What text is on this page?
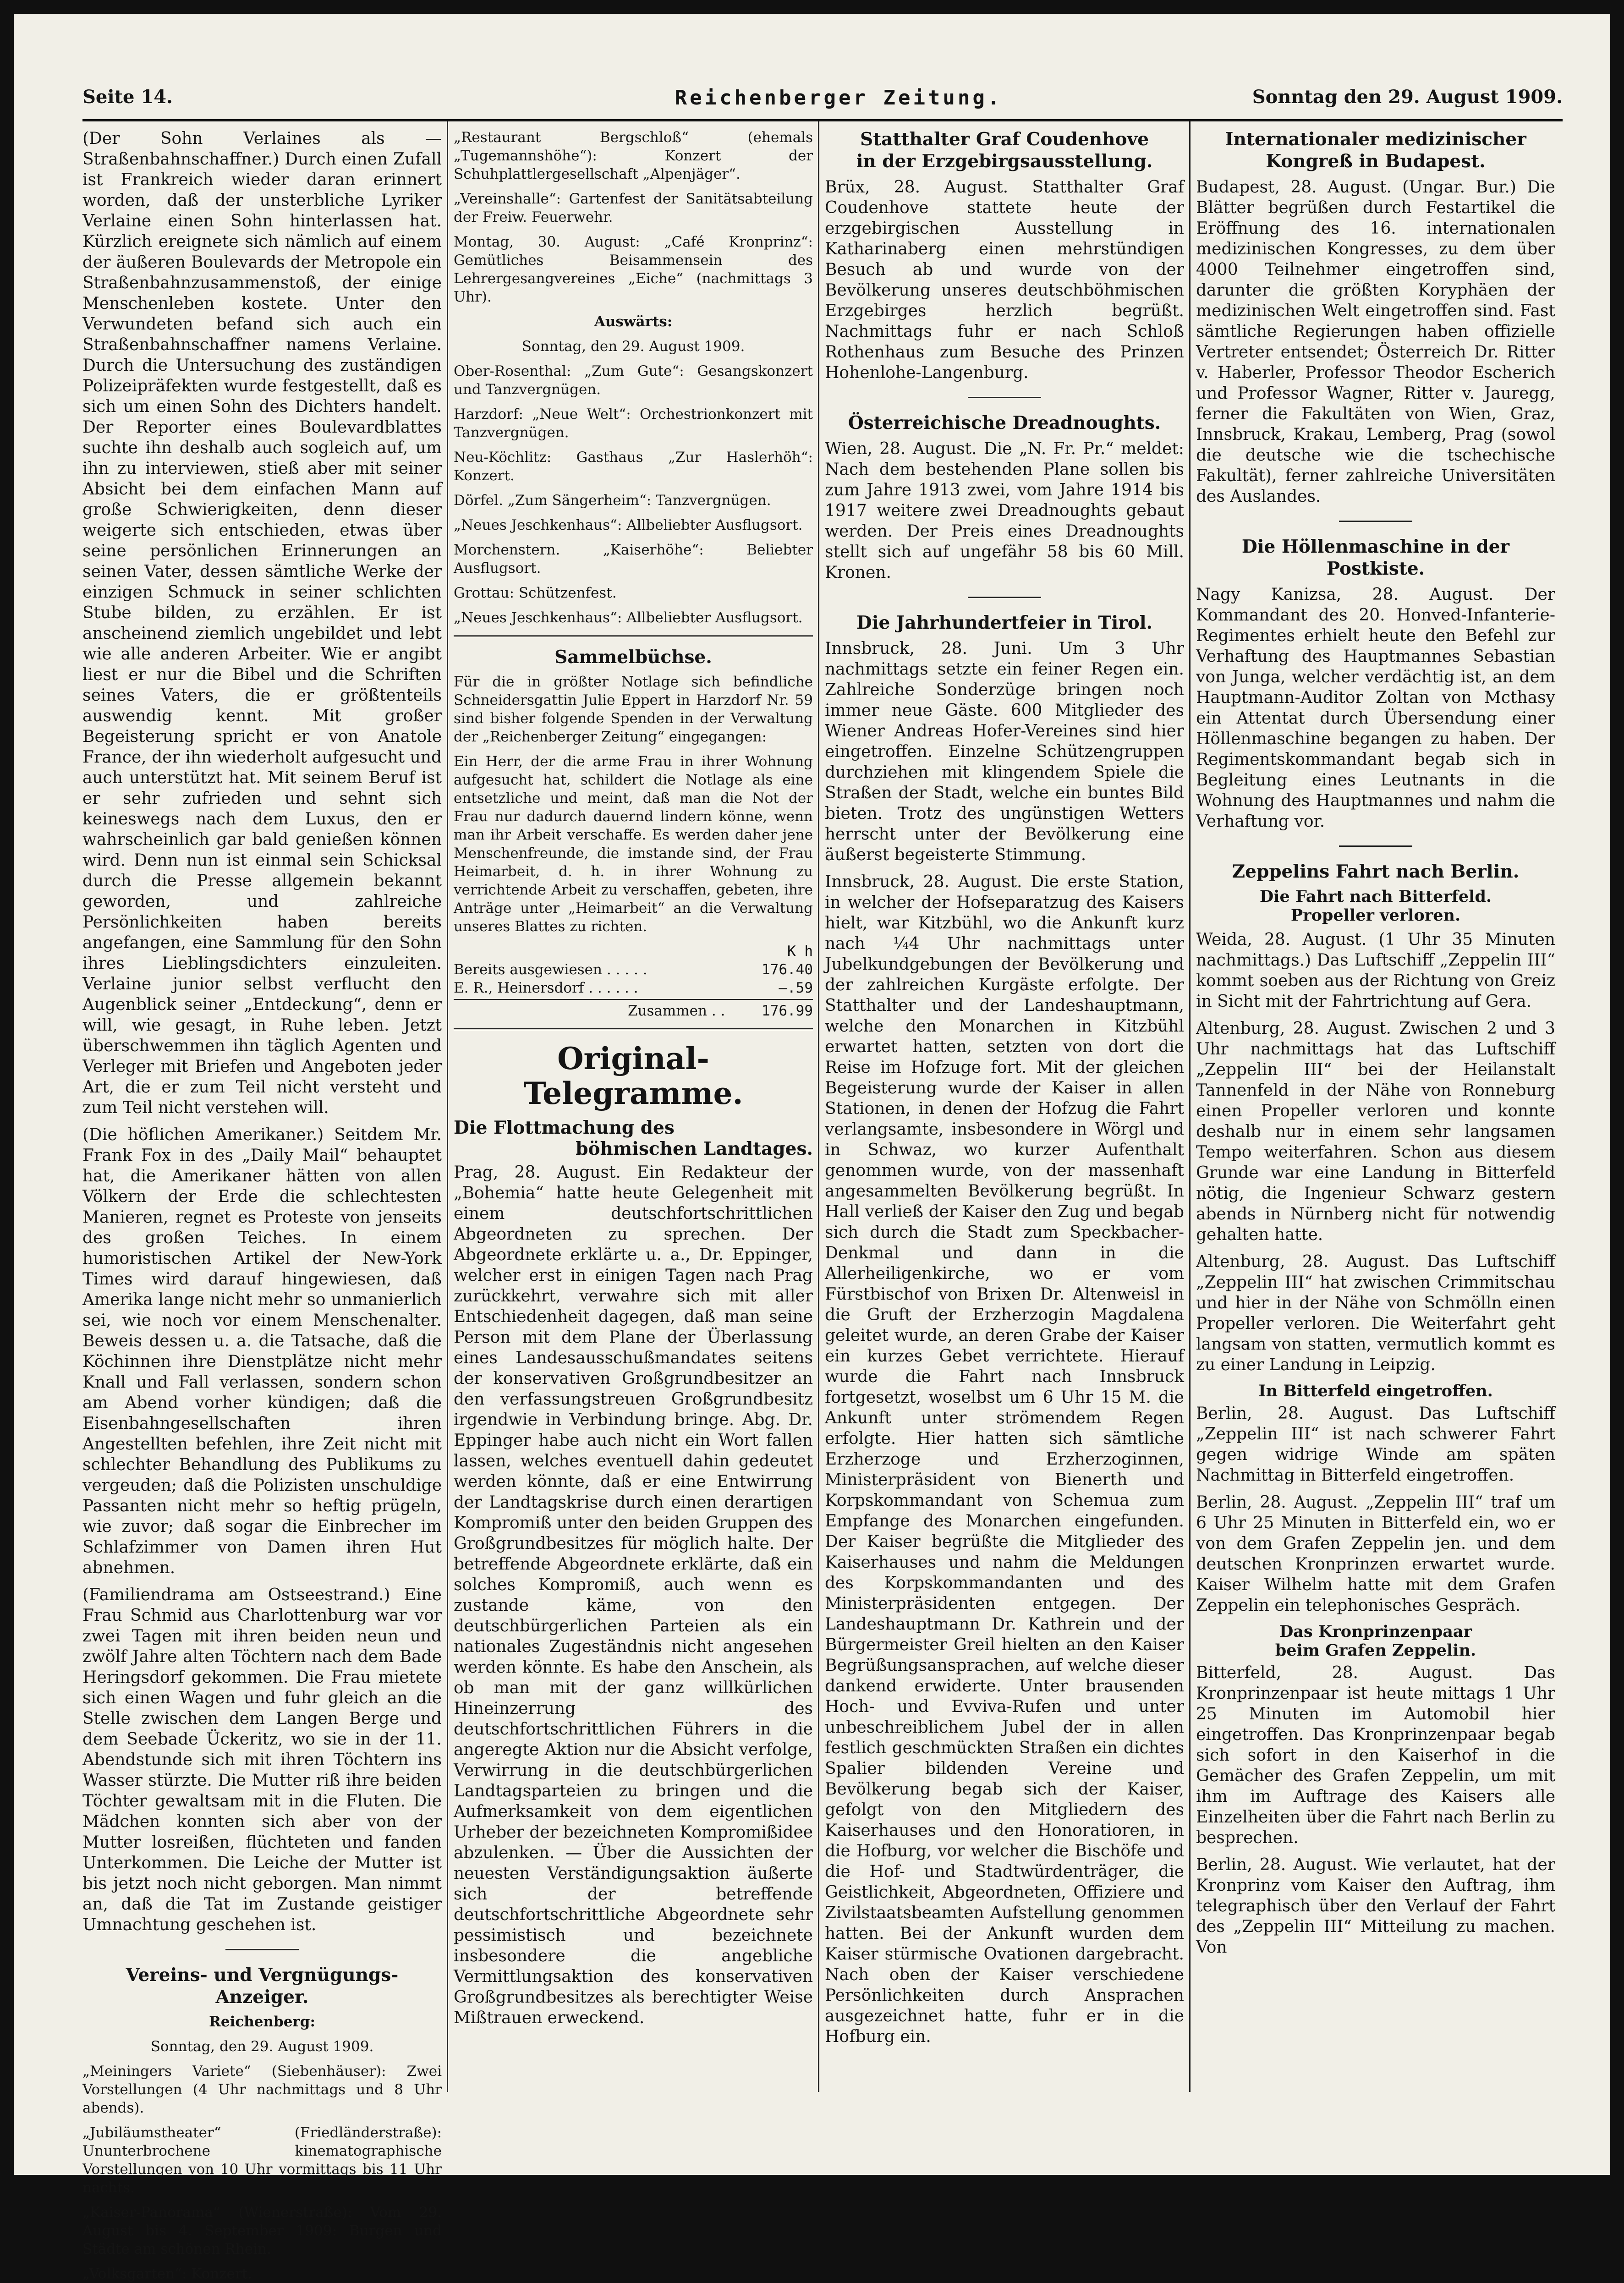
Seite 14.	Reichenberger Zeitung.	Sonntag den 29. August 1909.

(Der Sohn Verlaines als — Straßenbahnschaffner.) Durch einen Zufall ist Frankreich wieder daran erinnert worden, daß der unsterbliche Lyriker Verlaine einen Sohn hinterlassen hat. Kürzlich ereignete sich nämlich auf einem der äußeren Boulevards der Metropole ein Straßenbahnzusammenstoß, der einige Menschenleben kostete. Unter den Verwundeten befand sich auch ein Straßenbahnschaffner namens Verlaine. Durch die Untersuchung des zuständigen Polizeipräfekten wurde festgestellt, daß es sich um einen Sohn des Dichters handelt. Der Reporter eines Boulevardblattes suchte ihn deshalb auch sogleich auf, um ihn zu interviewen, stieß aber mit seiner Absicht bei dem einfachen Mann auf große Schwierigkeiten, denn dieser weigerte sich entschieden, etwas über seine persönlichen Erinnerungen an seinen Vater, dessen sämtliche Werke der einzigen Schmuck in seiner schlichten Stube bilden, zu erzählen. Er ist anscheinend ziemlich ungebildet und lebt wie alle anderen Arbeiter. Wie er angibt liest er nur die Bibel und die Schriften seines Vaters, die er größtenteils auswendig kennt. Mit großer Begeisterung spricht er von Anatole France, der ihn wiederholt aufgesucht und auch unterstützt hat. Mit seinem Beruf ist er sehr zufrieden und sehnt sich keineswegs nach dem Luxus, den er wahrscheinlich gar bald genießen können wird. Denn nun ist einmal sein Schicksal durch die Presse allgemein bekannt geworden, und zahlreiche Persönlichkeiten haben bereits angefangen, eine Sammlung für den Sohn ihres Lieblingsdichters einzuleiten. Verlaine junior selbst verflucht den Augenblick seiner „Entdeckung“, denn er will, wie gesagt, in Ruhe leben. Jetzt überschwemmen ihn täglich Agenten und Verleger mit Briefen und Angeboten jeder Art, die er zum Teil nicht versteht und zum Teil nicht verstehen will.

(Die höflichen Amerikaner.) Seitdem Mr. Frank Fox in des „Daily Mail“ behauptet hat, die Amerikaner hätten von allen Völkern der Erde die schlechtesten Manieren, regnet es Proteste von jenseits des großen Teiches. In einem humoristischen Artikel der New-York Times wird darauf hingewiesen, daß Amerika lange nicht mehr so unmanierlich sei, wie noch vor einem Menschenalter. Beweis dessen u. a. die Tatsache, daß die Köchinnen ihre Dienstplätze nicht mehr Knall und Fall verlassen, sondern schon am Abend vorher kündigen; daß die Eisenbahngesellschaften ihren Angestellten befehlen, ihre Zeit nicht mit schlechter Behandlung des Publikums zu vergeuden; daß die Polizisten unschuldige Passanten nicht mehr so heftig prügeln, wie zuvor; daß sogar die Einbrecher im Schlafzimmer von Damen ihren Hut abnehmen.

(Familiendrama am Ostseestrand.) Eine Frau Schmid aus Charlottenburg war vor zwei Tagen mit ihren beiden neun und zwölf Jahre alten Töchtern nach dem Bade Heringsdorf gekommen. Die Frau mietete sich einen Wagen und fuhr gleich an die Stelle zwischen dem Langen Berge und dem Seebade Ückeritz, wo sie in der 11. Abendstunde sich mit ihren Töchtern ins Wasser stürzte. Die Mutter riß ihre beiden Töchter gewaltsam mit in die Fluten. Die Mädchen konnten sich aber von der Mutter losreißen, flüchteten und fanden Unterkommen. Die Leiche der Mutter ist bis jetzt noch nicht geborgen. Man nimmt an, daß die Tat im Zustande geistiger Umnachtung geschehen ist.

Vereins- und Vergnügungs-Anzeiger.

Reichenberg:

Sonntag, den 29. August 1909.

„Meiningers Variete“ (Siebenhäuser): Zwei Vorstellungen (4 Uhr nachmittags und 8 Uhr abends).

„Jubiläumstheater“ (Friedländerstraße): Ununterbrochene kinematographische Vorstellungen von 10 Uhr vormittags bis 11 Uhr nachts.

„Kaiser-Panorama“ (Wienerstraße): Vom 29. August bis 4. September 1909: Burgen und Städte am schönen Rhein.

„Volksgarten“: Konzert.

„Restaurant Bergschloß“ (ehemals „Tugemannshöhe“): Konzert der Schuhplattlergesellschaft „Alpenjäger“.

„Vereinshalle“: Gartenfest der Sanitätsabteilung der Freiw. Feuerwehr.

Montag, 30. August: „Café Kronprinz“: Gemütliches Beisammensein des Lehrergesangvereines „Eiche“ (nachmittags 3 Uhr).

Auswärts:

Sonntag, den 29. August 1909.

Ober-Rosenthal: „Zum Gute“: Gesangskonzert und Tanzvergnügen.

Harzdorf: „Neue Welt“: Orchestrionkonzert mit Tanzvergnügen.

Neu-Köchlitz: Gasthaus „Zur Haslerhöh“: Konzert.

Dörfel. „Zum Sängerheim“: Tanzvergnügen.

„Neues Jeschkenhaus“: Allbeliebter Ausflugsort.

Morchenstern. „Kaiserhöhe“: Beliebter Ausflugsort.

Grottau: Schützenfest.

„Neues Jeschkenhaus“: Allbeliebter Ausflugsort.

Sammelbüchse.

Für die in größter Notlage sich befindliche Schneidersgattin Julie Eppert in Harzdorf Nr. 59 sind bisher folgende Spenden in der Verwaltung der „Reichenberger Zeitung“ eingegangen:

Ein Herr, der die arme Frau in ihrer Wohnung aufgesucht hat, schildert die Notlage als eine entsetzliche und meint, daß man die Not der Frau nur dadurch dauernd lindern könne, wenn man ihr Arbeit verschaffe. Es werden daher jene Menschenfreunde, die imstande sind, der Frau Heimarbeit, d. h. in ihrer Wohnung zu verrichtende Arbeit zu verschaffen, gebeten, ihre Anträge unter „Heimarbeit“ an die Verwaltung unseres Blattes zu richten.

K h
Bereits ausgewiesen . . . . .	176.40
E. R., Heinersdorf . . . . . .	—.59
Zusammen . .	176.99
Original-Telegramme.
Die Flottmachung des
böhmischen Landtages.

Prag, 28. August. Ein Redakteur der „Bohemia“ hatte heute Gelegenheit mit einem deutschfortschrittlichen Abgeordneten zu sprechen. Der Abgeordnete erklärte u. a., Dr. Eppinger, welcher erst in einigen Tagen nach Prag zurückkehrt, verwahre sich mit aller Entschiedenheit dagegen, daß man seine Person mit dem Plane der Überlassung eines Landesausschußmandates seitens der konservativen Großgrundbesitzer an den verfassungstreuen Großgrundbesitz irgendwie in Verbindung bringe. Abg. Dr. Eppinger habe auch nicht ein Wort fallen lassen, welches eventuell dahin gedeutet werden könnte, daß er eine Entwirrung der Landtagskrise durch einen derartigen Kompromiß unter den beiden Gruppen des Großgrundbesitzes für möglich halte. Der betreffende Abgeordnete erklärte, daß ein solches Kompromiß, auch wenn es zustande käme, von den deutschbürgerlichen Parteien als ein nationales Zugeständnis nicht angesehen werden könnte. Es habe den Anschein, als ob man mit der ganz willkürlichen Hineinzerrung des deutschfortschrittlichen Führers in die angeregte Aktion nur die Absicht verfolge, Verwirrung in die deutschbürgerlichen Landtagsparteien zu bringen und die Aufmerksamkeit von dem eigentlichen Urheber der bezeichneten Kompromißidee abzulenken. — Über die Aussichten der neuesten Verständigungsaktion äußerte sich der betreffende deutschfortschrittliche Abgeordnete sehr pessimistisch und bezeichnete insbesondere die angebliche Vermittlungsaktion des konservativen Großgrundbesitzes als berechtigter Weise Mißtrauen erweckend.

Statthalter Graf Coudenhove
in der Erzgebirgsausstellung.

Brüx, 28. August. Statthalter Graf Coudenhove stattete heute der erzgebirgischen Ausstellung in Katharinaberg einen mehrstündigen Besuch ab und wurde von der Bevölkerung unseres deutschböhmischen Erzgebirges herzlich begrüßt. Nachmittags fuhr er nach Schloß Rothenhaus zum Besuche des Prinzen Hohenlohe-Langenburg.

Österreichische Dreadnoughts.

Wien, 28. August. Die „N. Fr. Pr.“ meldet: Nach dem bestehenden Plane sollen bis zum Jahre 1913 zwei, vom Jahre 1914 bis 1917 weitere zwei Dreadnoughts gebaut werden. Der Preis eines Dreadnoughts stellt sich auf ungefähr 58 bis 60 Mill. Kronen.

Die Jahrhundertfeier in Tirol.

Innsbruck, 28. Juni. Um 3 Uhr nachmittags setzte ein feiner Regen ein. Zahlreiche Sonderzüge bringen noch immer neue Gäste. 600 Mitglieder des Wiener Andreas Hofer-Vereines sind hier eingetroffen. Einzelne Schützengruppen durchziehen mit klingendem Spiele die Straßen der Stadt, welche ein buntes Bild bieten. Trotz des ungünstigen Wetters herrscht unter der Bevölkerung eine äußerst begeisterte Stimmung.

Innsbruck, 28. August. Die erste Station, in welcher der Hofseparatzug des Kaisers hielt, war Kitzbühl, wo die Ankunft kurz nach ¼4 Uhr nachmittags unter Jubelkundgebungen der Bevölkerung und der zahlreichen Kurgäste erfolgte. Der Statthalter und der Landeshauptmann, welche den Monarchen in Kitzbühl erwartet hatten, setzten von dort die Reise im Hofzuge fort. Mit der gleichen Begeisterung wurde der Kaiser in allen Stationen, in denen der Hofzug die Fahrt verlangsamte, insbesondere in Wörgl und in Schwaz, wo kurzer Aufenthalt genommen wurde, von der massenhaft angesammelten Bevölkerung begrüßt. In Hall verließ der Kaiser den Zug und begab sich durch die Stadt zum Speckbacher-Denkmal und dann in die Allerheiligenkirche, wo er vom Fürstbischof von Brixen Dr. Altenweisl in die Gruft der Erzherzogin Magdalena geleitet wurde, an deren Grabe der Kaiser ein kurzes Gebet verrichtete. Hierauf wurde die Fahrt nach Innsbruck fortgesetzt, woselbst um 6 Uhr 15 M. die Ankunft unter strömendem Regen erfolgte. Hier hatten sich sämtliche Erzherzoge und Erzherzoginnen, Ministerpräsident von Bienerth und Korpskommandant von Schemua zum Empfange des Monarchen eingefunden. Der Kaiser begrüßte die Mitglieder des Kaiserhauses und nahm die Meldungen des Korpskommandanten und des Ministerpräsidenten entgegen. Der Landeshauptmann Dr. Kathrein und der Bürgermeister Greil hielten an den Kaiser Begrüßungsansprachen, auf welche dieser dankend erwiderte. Unter brausenden Hoch- und Evviva-Rufen und unter unbeschreiblichem Jubel der in allen festlich geschmückten Straßen ein dichtes Spalier bildenden Vereine und Bevölkerung begab sich der Kaiser, gefolgt von den Mitgliedern des Kaiserhauses und den Honoratioren, in die Hofburg, vor welcher die Bischöfe und die Hof- und Stadtwürdenträger, die Geistlichkeit, Abgeordneten, Offiziere und Zivilstaatsbeamten Aufstellung genommen hatten. Bei der Ankunft wurden dem Kaiser stürmische Ovationen dargebracht. Nach oben der Kaiser verschiedene Persönlichkeiten durch Ansprachen ausgezeichnet hatte, fuhr er in die Hofburg ein.

Internationaler medizinischer
Kongreß in Budapest.

Budapest, 28. August. (Ungar. Bur.) Die Blätter begrüßen durch Festartikel die Eröffnung des 16. internationalen medizinischen Kongresses, zu dem über 4000 Teilnehmer eingetroffen sind, darunter die größten Koryphäen der medizinischen Welt eingetroffen sind. Fast sämtliche Regierungen haben offizielle Vertreter entsendet; Österreich Dr. Ritter v. Haberler, Professor Theodor Escherich und Professor Wagner, Ritter v. Jauregg, ferner die Fakultäten von Wien, Graz, Innsbruck, Krakau, Lemberg, Prag (sowol die deutsche wie die tschechische Fakultät), ferner zahlreiche Universitäten des Auslandes.

Die Höllenmaschine in der Postkiste.

Nagy Kanizsa, 28. August. Der Kommandant des 20. Honved-Infanterie-Regimentes erhielt heute den Befehl zur Verhaftung des Hauptmannes Sebastian von Junga, welcher verdächtig ist, an dem Hauptmann-Auditor Zoltan von Mcthasy ein Attentat durch Übersendung einer Höllenmaschine begangen zu haben. Der Regimentskommandant begab sich in Begleitung eines Leutnants in die Wohnung des Hauptmannes und nahm die Verhaftung vor.

Zeppelins Fahrt nach Berlin.
Die Fahrt nach Bitterfeld.
Propeller verloren.

Weida, 28. August. (1 Uhr 35 Minuten nachmittags.) Das Luftschiff „Zeppelin III“ kommt soeben aus der Richtung von Greiz in Sicht mit der Fahrtrichtung auf Gera.

Altenburg, 28. August. Zwischen 2 und 3 Uhr nachmittags hat das Luftschiff „Zeppelin III“ bei der Heilanstalt Tannenfeld in der Nähe von Ronneburg einen Propeller verloren und konnte deshalb nur in einem sehr langsamen Tempo weiterfahren. Schon aus diesem Grunde war eine Landung in Bitterfeld nötig, die Ingenieur Schwarz gestern abends in Nürnberg nicht für notwendig gehalten hatte.

Altenburg, 28. August. Das Luftschiff „Zeppelin III“ hat zwischen Crimmitschau und hier in der Nähe von Schmölln einen Propeller verloren. Die Weiterfahrt geht langsam von statten, vermutlich kommt es zu einer Landung in Leipzig.

In Bitterfeld eingetroffen.

Berlin, 28. August. Das Luftschiff „Zeppelin III“ ist nach schwerer Fahrt gegen widrige Winde am späten Nachmittag in Bitterfeld eingetroffen.

Berlin, 28. August. „Zeppelin III“ traf um 6 Uhr 25 Minuten in Bitterfeld ein, wo er von dem Grafen Zeppelin jen. und dem deutschen Kronprinzen erwartet wurde. Kaiser Wilhelm hatte mit dem Grafen Zeppelin ein telephonisches Gespräch.

Das Kronprinzenpaar
beim Grafen Zeppelin.

Bitterfeld, 28. August. Das Kronprinzenpaar ist heute mittags 1 Uhr 25 Minuten im Automobil hier eingetroffen. Das Kronprinzenpaar begab sich sofort in den Kaiserhof in die Gemächer des Grafen Zeppelin, um mit ihm im Auftrage des Kaisers alle Einzelheiten über die Fahrt nach Berlin zu besprechen.

Berlin, 28. August. Wie verlautet, hat der Kronprinz vom Kaiser den Auftrag, ihm telegraphisch über den Verlauf der Fahrt des „Zeppelin III“ Mitteilung zu machen. Von
